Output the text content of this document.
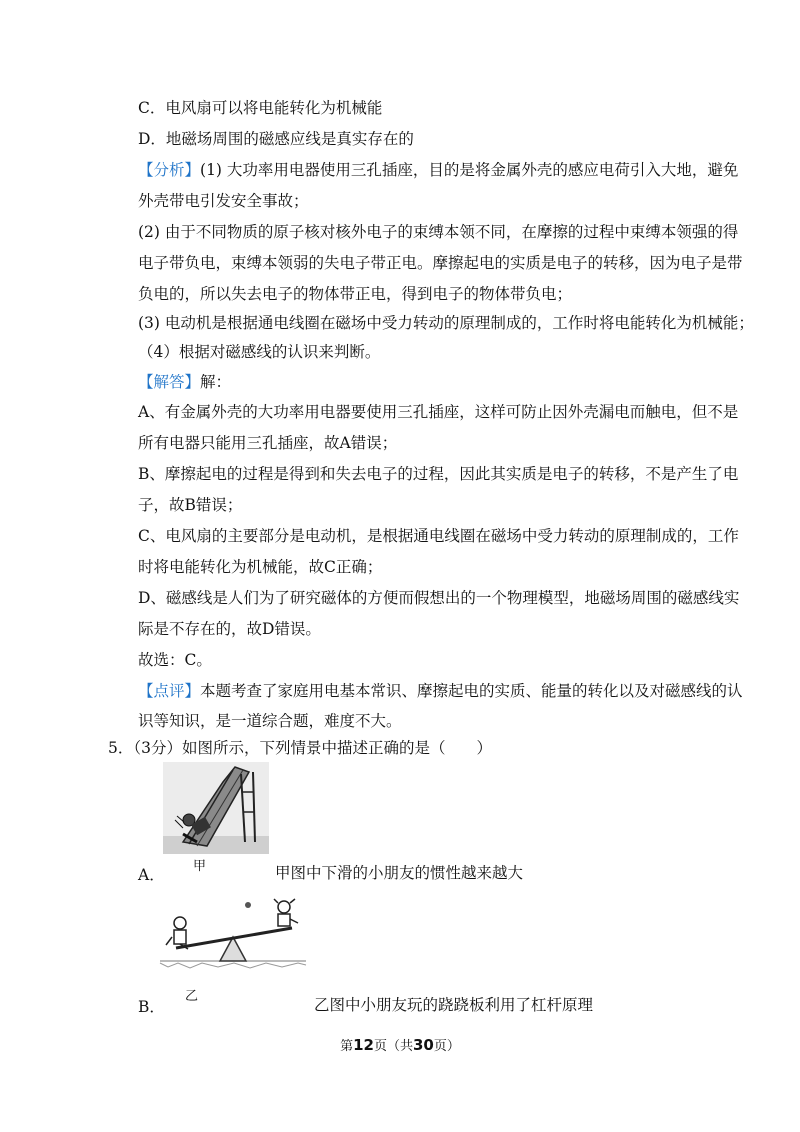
C．电风扇可以将电能转化为机械能
D．地磁场周围的磁感应线是真实存在的
【分析】(1) 大功率用电器使用三孔插座，目的是将金属外壳的感应电荷引入大地，避免
外壳带电引发安全事故；
(2) 由于不同物质的原子核对核外电子的束缚本领不同，在摩擦的过程中束缚本领强的得
电子带负电，束缚本领弱的失电子带正电。摩擦起电的实质是电子的转移，因为电子是带
负电的，所以失去电子的物体带正电，得到电子的物体带负电；
(3) 电动机是根据通电线圈在磁场中受力转动的原理制成的，工作时将电能转化为机械能；
（4）根据对磁感线的认识来判断。
【解答】解：
A、有金属外壳的大功率用电器要使用三孔插座，这样可防止因外壳漏电而触电，但不是
所有电器只能用三孔插座，故A错误；
B、摩擦起电的过程是得到和失去电子的过程，因此其实质是电子的转移，不是产生了电
子，故B错误；
C、电风扇的主要部分是电动机，是根据通电线圈在磁场中受力转动的原理制成的，工作
时将电能转化为机械能，故C正确；
D、磁感线是人们为了研究磁体的方便而假想出的一个物理模型，地磁场周围的磁感线实
际是不存在的，故D错误。
故选：C。
【点评】本题考查了家庭用电基本常识、摩擦起电的实质、能量的转化以及对磁感线的认
识等知识，是一道综合题，难度不大。
5．（3分）如图所示，下列情景中描述正确的是（　　）
甲
A．	甲图中下滑的小朋友的惯性越来越大
乙
B．	乙图中小朋友玩的跷跷板利用了杠杆原理
第12页（共30页）
